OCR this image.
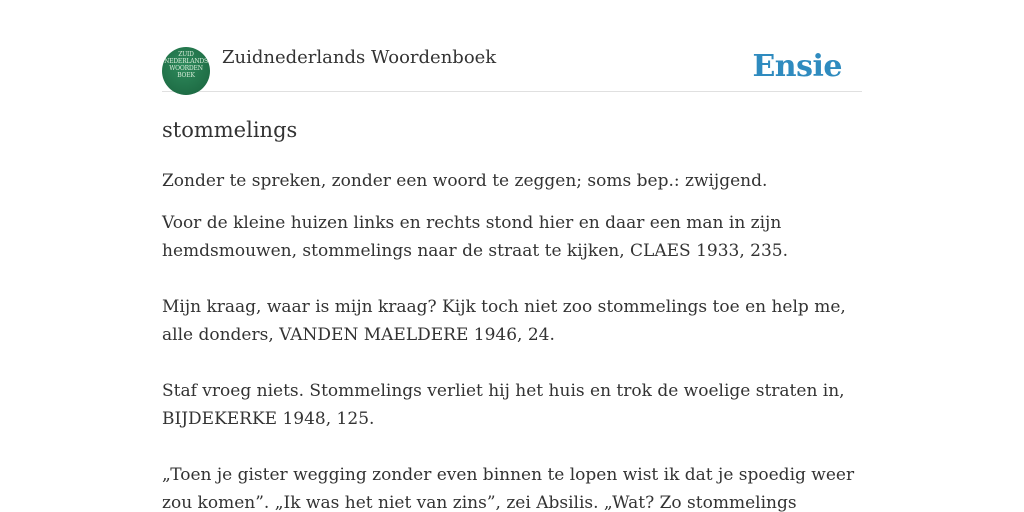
ZUID
NEDERLANDS
WOORDEN
BOEK
Zuidnederlands Woordenboek	Ensie
stommelings

Zonder te spreken, zonder een woord te zeggen; soms bep.: zwijgend.

Voor de kleine huizen links en rechts stond hier en daar een man in zijn hemdsmouwen, stommelings naar de straat te kijken, CLAES 1933, 235.

Mijn kraag, waar is mijn kraag? Kijk toch niet zoo stommelings toe en help me, alle donders, VANDEN MAELDERE 1946, 24.

Staf vroeg niets. Stommelings verliet hij het huis en trok de woelige straten in, BIJDEKERKE 1948, 125.

„Toen je gister wegging zonder even binnen te lopen wist ik dat je spoedig weer zou komen”. „Ik was het niet van zins”, zei Absilis. „Wat? Zo stommelings
